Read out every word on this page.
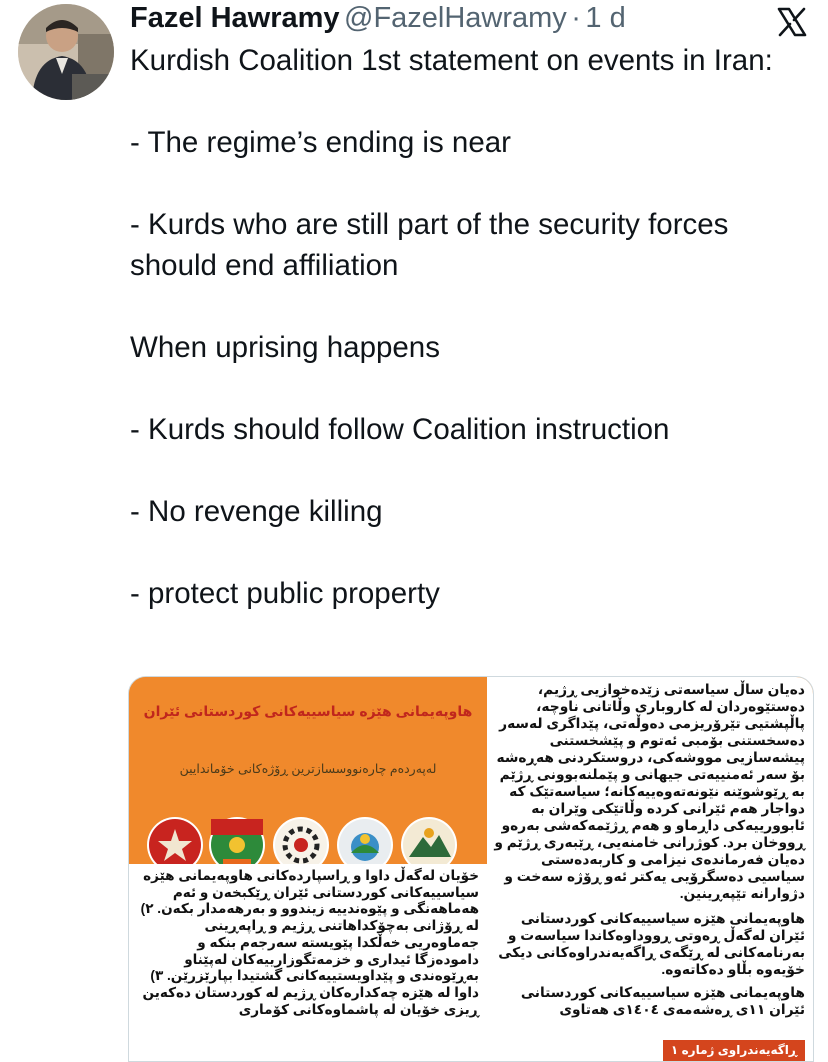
Fazel Hawramy @FazelHawramy · 1 d

Kurdish Coalition 1st statement on events in Iran:

- The regime’s ending is near

- Kurds who are still part of the security forces should end affiliation

When uprising happens

- Kurds should follow Coalition instruction

- No revenge killing

- protect public property

هاوپەیمانی هێزە سیاسییەکانی کوردستانی ئێران
لەپەردەم چارەنووسسازترین ڕۆژەکانی خۆماندایین
خۆیان لەگەڵ داوا و ڕاسپاردەکانی هاوپەیمانی هێزە سیاسییەکانی کوردستانی ئێران ڕێکبخەن و ئەم هەماهەنگی و پێوەندییە زیندوو و بەرهەمدار بکەن. ٢) لە ڕۆژانی بەچۆکداهاتنی ڕژیم و ڕاپەڕینی جەماوەریی خەڵکدا پێویستە سەرجەم بنکە و دامودەزگا ئیداری و خزمەتگوزارییەکان لەپێناو بەڕێوەندی و پێداویستییەکانی گشتیدا بپارێزرێن. ٣) داوا لە هێزە چەکدارەکان ڕژیم لە کوردستان دەکەین ڕیزی خۆیان لە پاشماوەکانی کۆماری

دەیان ساڵ سیاسەتی زێدەخوازیی ڕژیم، دەستێوەردان لە کاروباری وڵاتانی ناوچە، پاڵپشتیی تێرۆریزمی دەوڵەتی، پێداگری لەسەر دەسخستنی بۆمبی ئەتوم و پێشخستنی پیشەسازیی مووشەکی، دروستکردنی هەڕەشە بۆ سەر ئەمنییەتی جیهانی و پێملنەبوونی ڕژێم بە ڕێوشوێنە نێونەتەوەییەکانە؛ سیاسەتێک کە دواجار هەم ئێرانی کردە وڵاتێکی وێران بە ئابوورییەکی داڕماو و هەم ڕژێمەکەشی بەرەو ڕووخان برد. کوژرانی خامنەیی، ڕێبەری ڕژێم و دەیان فەرماندەی نیزامی و کاربەدەستی سیاسیی دەسگرۆیی یەکتر ئەو ڕۆژە سەخت و دژوارانە تێپەڕینین.

هاوپەیمانی هێزە سیاسییەکانی کوردستانی ئێران لەگەڵ ڕەوتی ڕووداوەکاندا سیاسەت و بەرنامەکانی لە ڕێگەی ڕاگەیەندراوەکانی دیکی خۆیەوە بڵاو دەکاتەوە.

هاوپەیمانی هێزە سیاسییەکانی کوردستانی ئێران ١١ی ڕەشەمەی ١٤٠٤ی هەتاوی

ڕاگەیەندراوی ژمارە ١
